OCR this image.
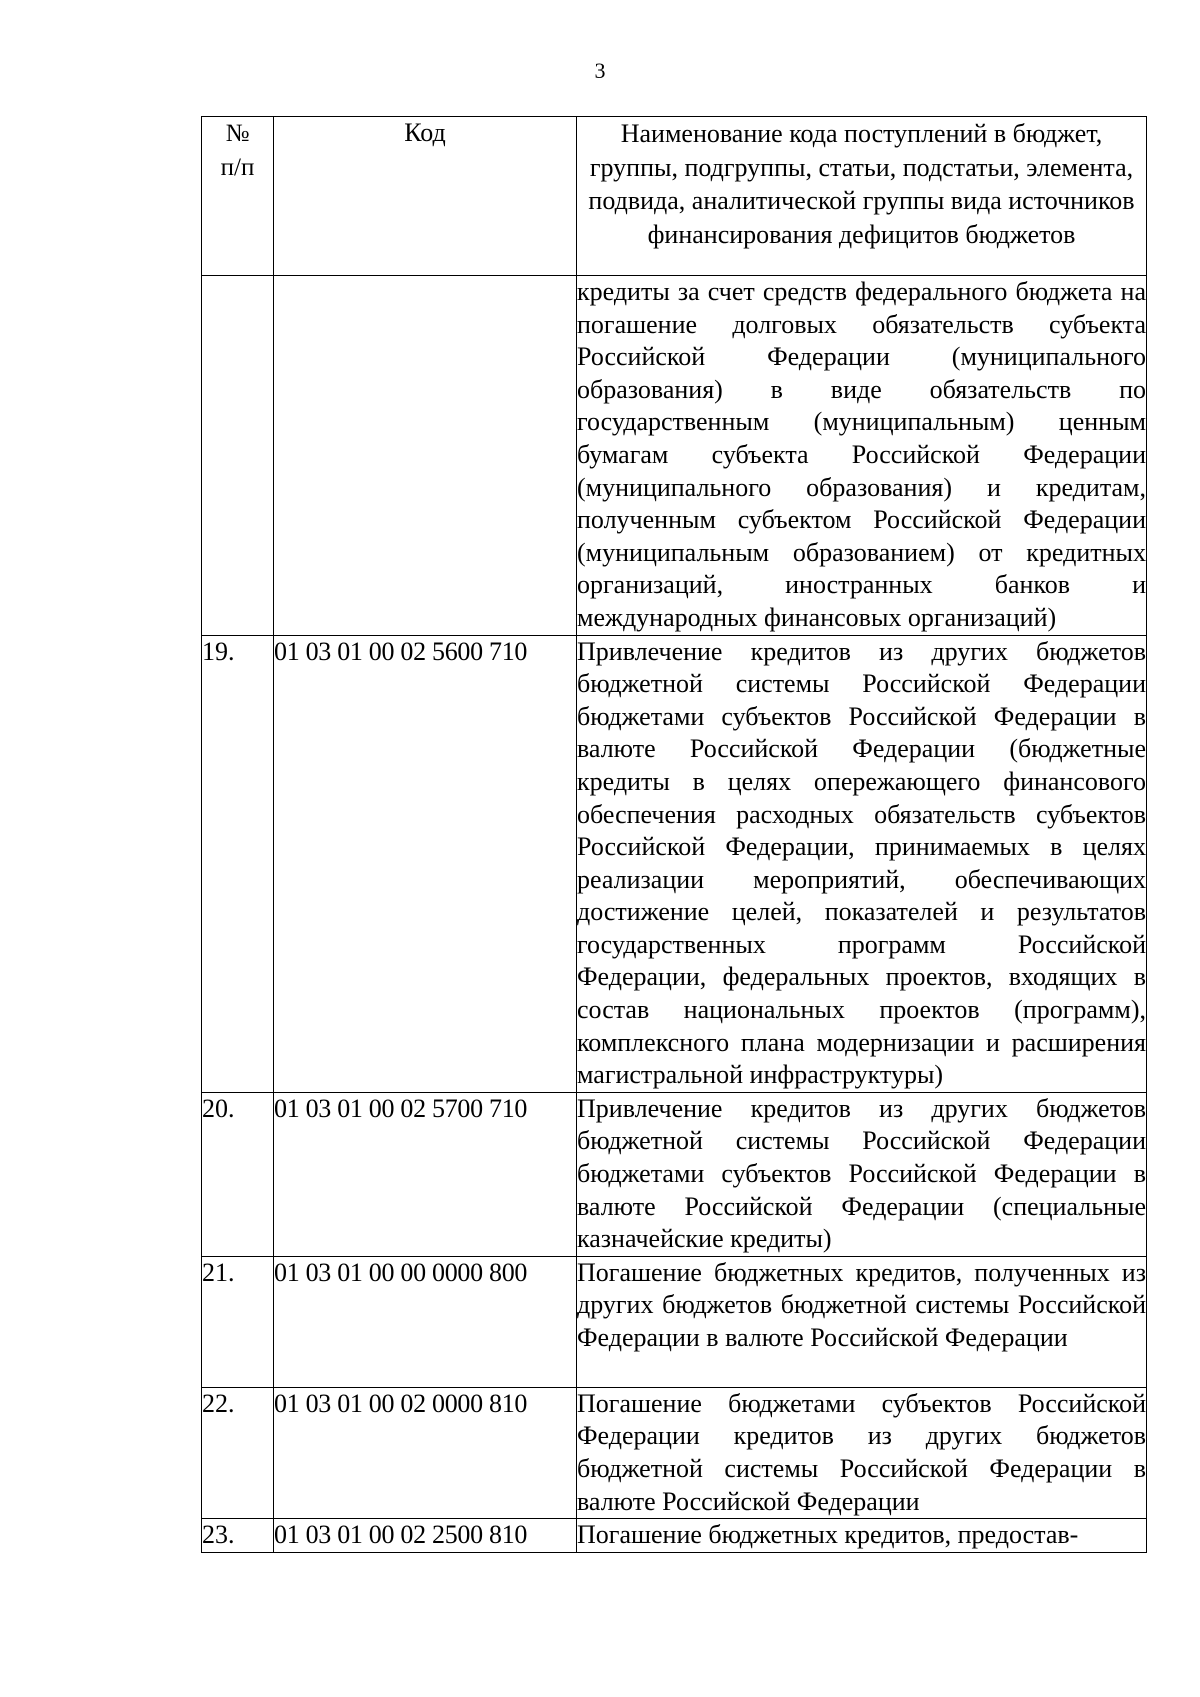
3
№
п/п	Код	Наименование кода поступлений в бюджет, группы, подгруппы, статьи, подстатьи, элемента, подвида, аналитической группы вида источников финансирования дефицитов бюджетов
		кредиты за счет средств федерального бюджета на погашение долговых обязательств субъекта Российской Федерации (муниципального образования) в виде обязательств по государственным (муниципальным) ценным бумагам субъекта Российской Федерации (муниципального образования) и кредитам, полученным субъектом Российской Федерации (муниципальным образованием) от кредитных организаций, иностранных банков и международных финансовых организаций)
19.	01 03 01 00 02 5600 710	Привлечение кредитов из других бюджетов бюджетной системы Российской Федерации бюджетами субъектов Российской Федерации в валюте Российской Федерации (бюджетные кредиты в целях опережающего финансового обеспечения расходных обязательств субъектов Российской Федерации, принимаемых в целях реализации мероприятий, обеспечивающих достижение целей, показателей и результатов государственных программ Российской Федерации, федеральных проектов, входящих в состав национальных проектов (программ), комплексного плана модернизации и расширения магистральной инфраструктуры)
20.	01 03 01 00 02 5700 710	Привлечение кредитов из других бюджетов бюджетной системы Российской Федерации бюджетами субъектов Российской Федерации в валюте Российской Федерации (специальные казначейские кредиты)
21.	01 03 01 00 00 0000 800	Погашение бюджетных кредитов, полученных из других бюджетов бюджетной системы Российской Федерации в валюте Российской Федерации
22.	01 03 01 00 02 0000 810	Погашение бюджетами субъектов Российской Федерации кредитов из других бюджетов бюджетной системы Российской Федерации в валюте Российской Федерации
23.	01 03 01 00 02 2500 810	Погашение бюджетных кредитов, предостав-
